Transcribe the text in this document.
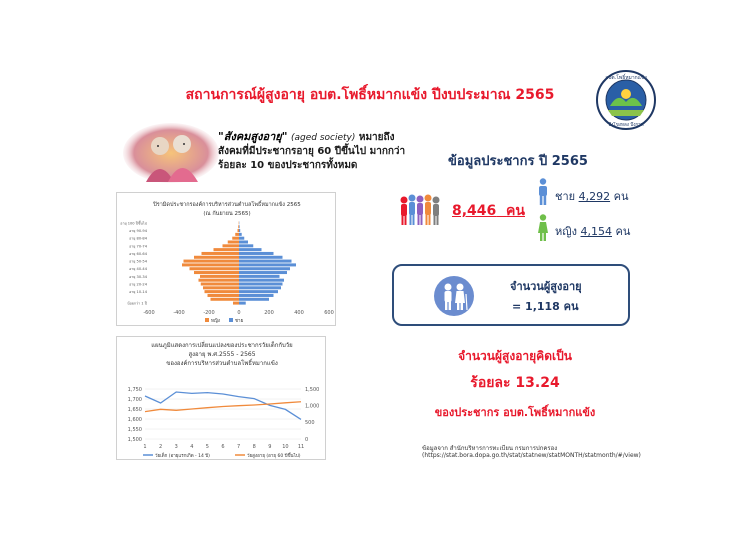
สถานการณ์ผู้สูงอายุ อบต.โพธิ์หมากแข้ง ปีงบประมาณ 2565
อบต.โพธิ์หมากแข้ง
บึงโขงหลง บึงกาฬ
"สังคมสูงอายุ" (aged society) หมายถึง
สังคมที่มีประชากรอายุ 60 ปีขึ้นไป มากกว่า
ร้อยละ 10 ของประชากรทั้งหมด	ข้อมูลประชากร ปี 2565
8,446 คน
ชาย 4,292 คน
หญิง 4,154 คน
ปิรามิดประชากรองค์การบริหารส่วนตำบลโพธิ์หมากแข้ง 2565
(ณ กันยายน 2565)
น้อยกว่า 1 ปี
อายุ 10-14
อายุ 20-24
อายุ 30-34
อายุ 40-44
อายุ 50-54
อายุ 60-64
อายุ 70-74
อายุ 80-84
อายุ 90-94
อายุ 100 ปีขึ้นไป
-600	-400	-200	0	200	400	600
หญิง	ชาย
แผนภูมิแสดงการเปลี่ยนแปลงของประชากรวัยเด็กกับวัย
สูงอายุ พ.ศ.2555 - 2565
ขององค์การบริหารส่วนตำบลโพธิ์หมากแข้ง
1,500
1,550
1,600
1,650
1,700
1,750
0
500
1,000
1,500
1 2 3 4 5 6 7 8 9 10 11
วัยเด็ก (อายุแรกเกิด - 14 ปี)	วัยสูงอายุ (อายุ 60 ปีขึ้นไป)
จำนวนผู้สูงอายุ
= 1,118 คน
จำนวนผู้สูงอายุคิดเป็น
ร้อยละ 13.24
ของประชากร อบต.โพธิ์หมากแข้ง
ข้อมูลจาก สำนักบริหารการทะเบียน กรมการปกครอง
(https://stat.bora.dopa.go.th/stat/statnew/statMONTH/statmonth/#/view)
